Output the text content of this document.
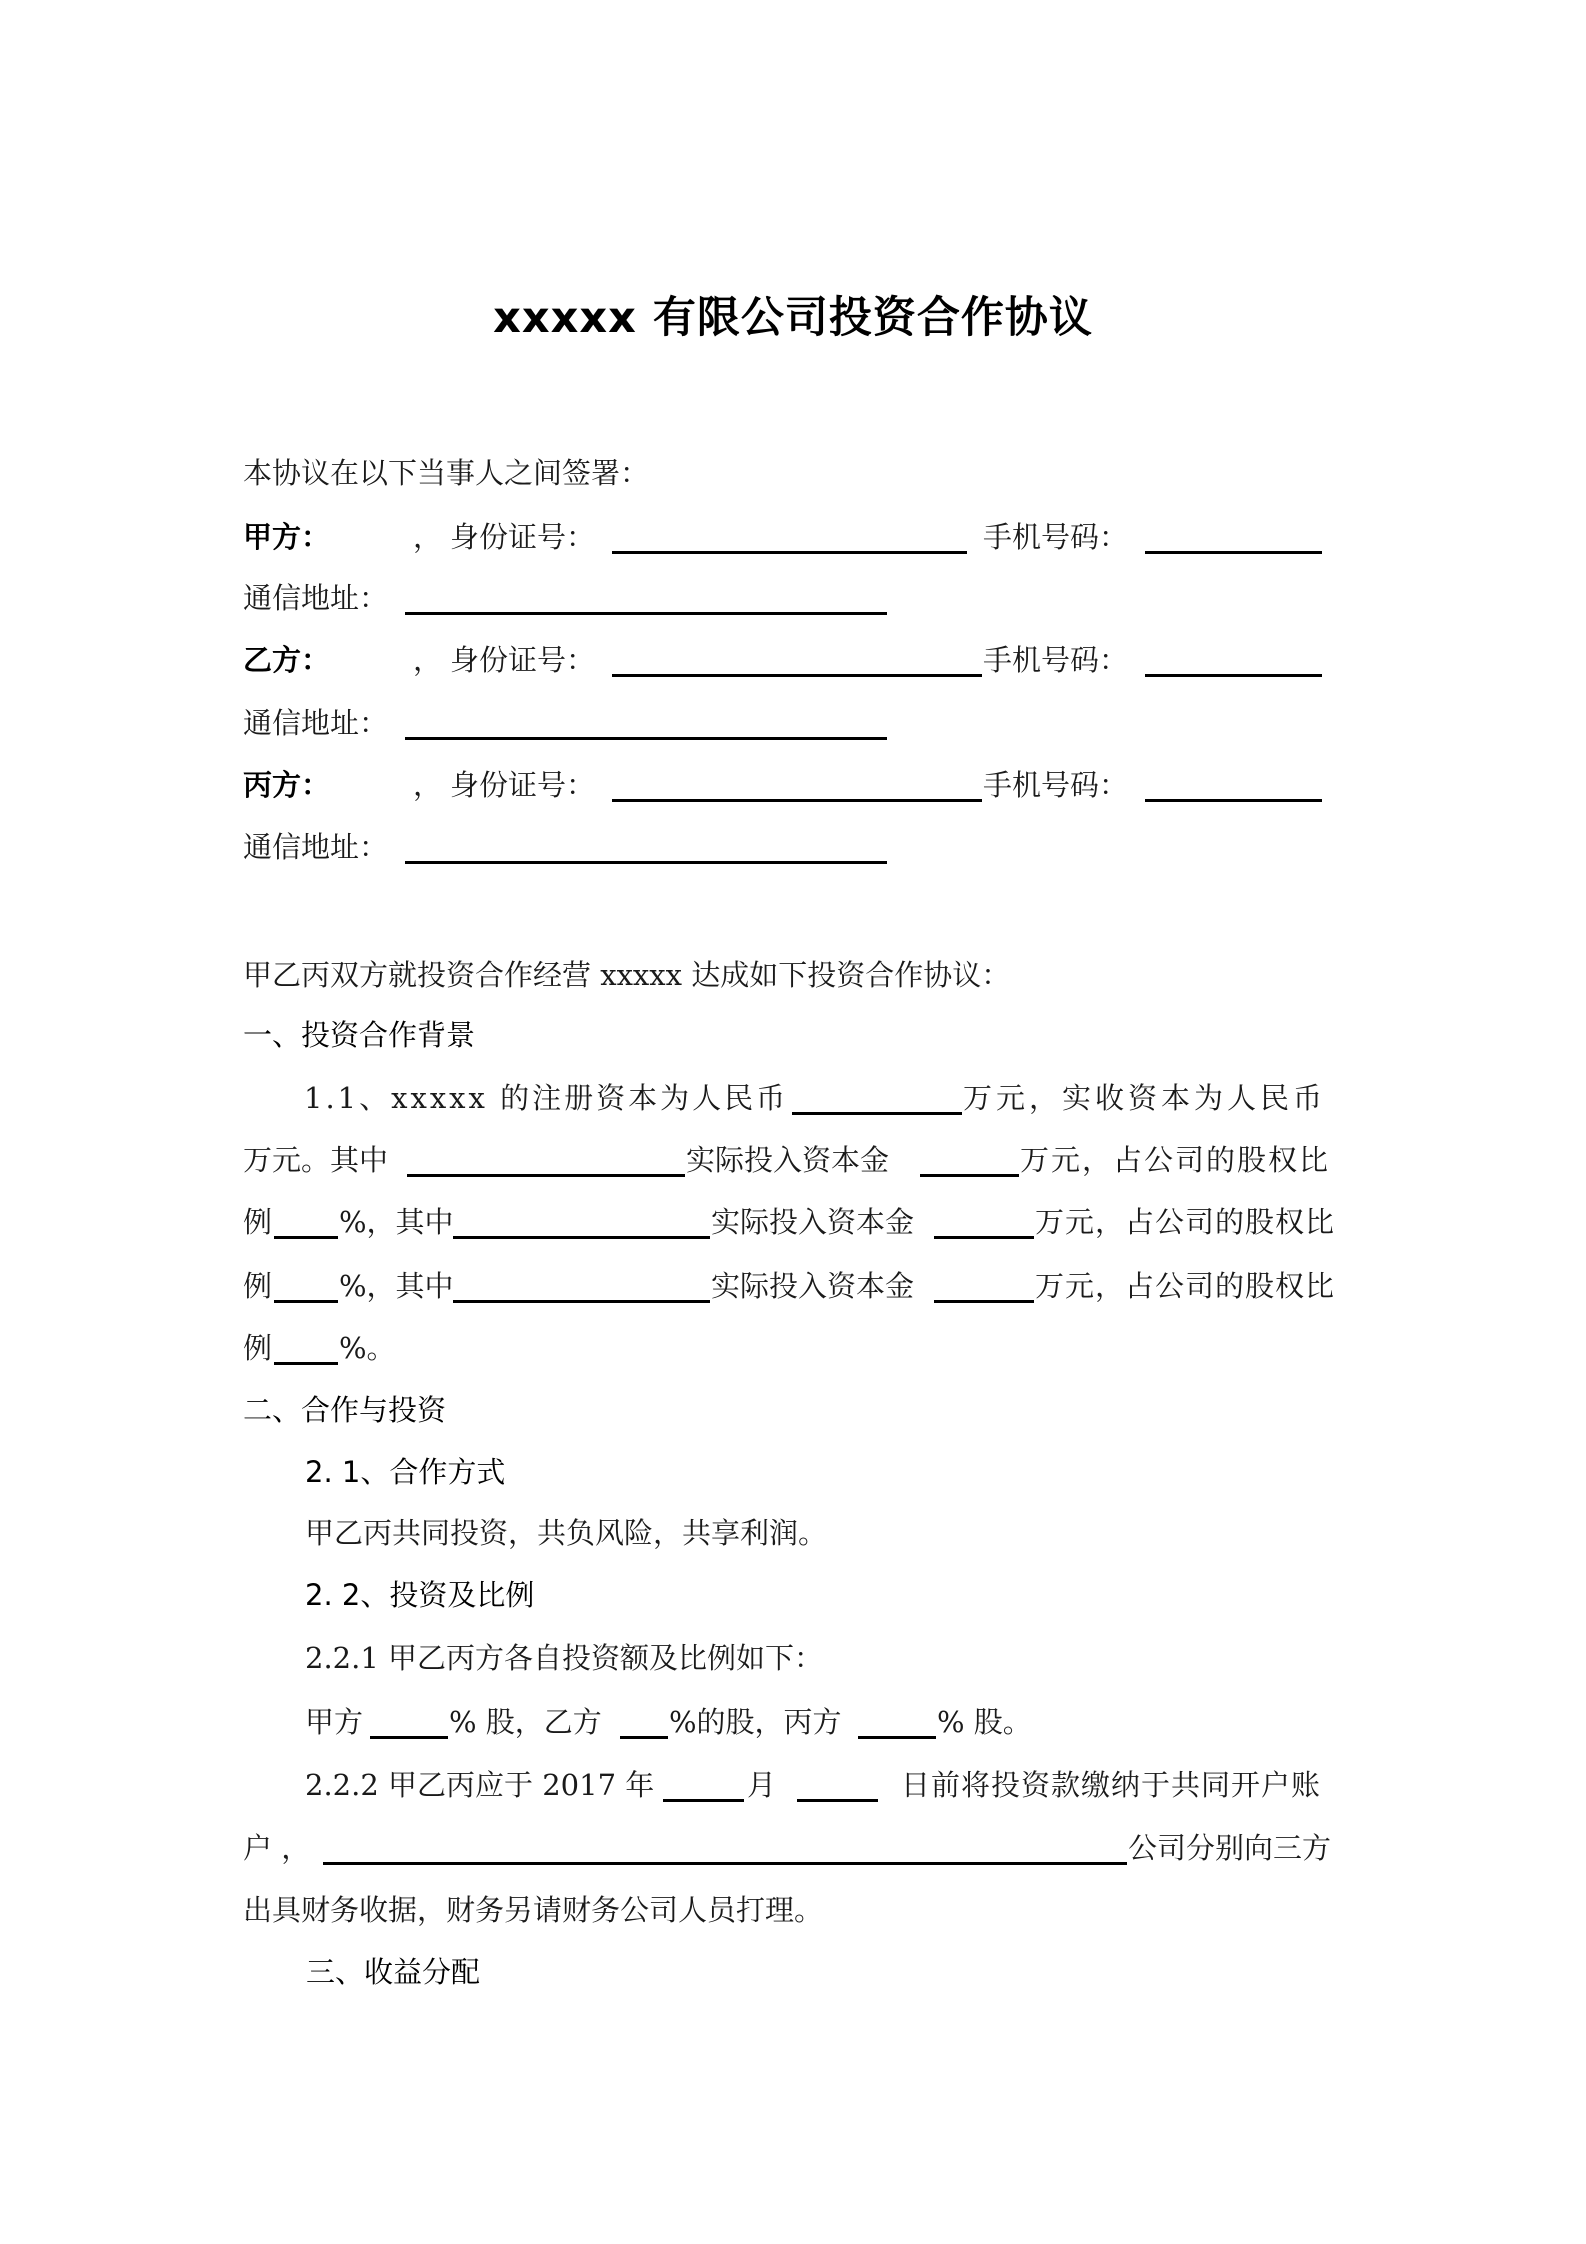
xxxxx 有限公司投资合作协议
本协议在以下当事人之间签署：
甲方：	， 身份证号：	手机号码：
通信地址：
乙方：	， 身份证号：	手机号码：
通信地址：
丙方：	， 身份证号：	手机号码：
通信地址：
甲乙丙双方就投资合作经营 xxxxx 达成如下投资合作协议：
一、投资合作背景
1.1、xxxxx 的注册资本为人民币	万元，实收资本为人民币
万元。其中	实际投入资本金	万元，占公司的股权比
例 %，其中	实际投入资本金	万元，占公司的股权比
例 %，其中	实际投入资本金	万元，占公司的股权比
例 %。
二、合作与投资
2. 1、合作方式
甲乙丙共同投资，共负风险，共享利润。
2. 2、投资及比例
2.2.1 甲乙丙方各自投资额及比例如下：
甲方	% 股，乙方 %的股，丙方	% 股。
2.2.2 甲乙丙应于 2017 年	月	日前将投资款缴纳于共同开户账
户 ，	公司分别向三方
出具财务收据，财务另请财务公司人员打理。
三、收益分配
